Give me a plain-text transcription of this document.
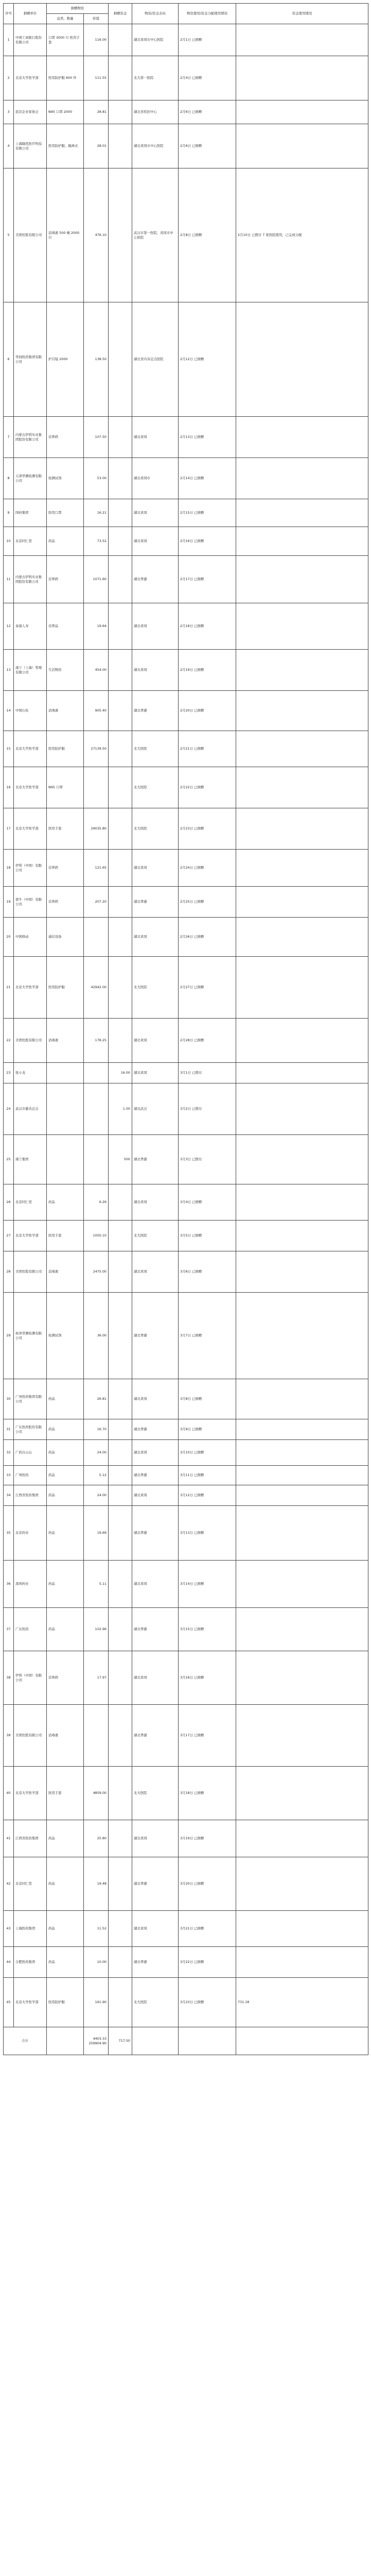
序号	捐赠单位	捐赠物资		捐赠资金	物资/资金去向	物资使用/资金分配使用情况	资金使用情况
		品类、数量	价值				
1	中国工商银行股份有限公司	口罩 3000 只 医用手套	116.00		湖北黄冈市中心医院	2月1日 已捐赠	
2	北京大学医学部	医用防护服 600 件	111.55		北大第一医院	2月4日 已捐赠	
3	民营企业家协会	N95 口罩 2000	28.81		湖北省疾控中心	2月6日 已捐赠	
4	上海隆优医疗科技有限公司	医用防护服、隔离衣	28.01		湖北黄冈市中心医院	2月6日 已捐赠	
5	美团控股有限公司	消毒液 500 桶 2000 只	476.10		武汉市第一医院、黄冈市中心医院	2月8日 已捐赠	2月10日 已拨付 7 家医院使用，已完成分配
6	华润医药集团有限公司	护目镜 2000	138.50		湖北省内各定点医院	2月12日 已捐赠	
7	内蒙古伊利实业集团股份有限公司	营养奶	107.50		湖北黄冈	2月13日 已捐赠	
8	天津华测检测有限公司	检测试剂	53.00		湖北黄冈市	2月14日 已捐赠	
9	国药集团	医用口罩	16.21		湖北黄冈	2月15日 已捐赠	
10	北京同仁堂	药品	73.52		湖北黄冈	2月16日 已捐赠	
11	内蒙古伊利实业集团股份有限公司	营养奶	1071.60		湖北孝感	2月17日 已捐赠	
12	泰康人寿	营养品	19.64		湖北黄冈	2月18日 已捐赠	
13	康宁（上海）管理有限公司	生活物资	454.00		湖北黄冈	2月19日 已捐赠	
14	中国石化	消毒液	905.40		湖北孝感	2月20日 已捐赠	
15	北京大学医学部	医用防护服	27139.50		北大医院	2月21日 已捐赠	
16	北京大学医学部	N95 口罩			北大医院	2月22日 已捐赠	
17	北京大学医学部	医用手套	29035.80		北大医院	2月23日 已捐赠	
18	伊利（中国）有限公司	营养奶	121.65		湖北黄冈	2月24日 已捐赠	
19	蒙牛（中国）有限公司	营养奶	207.20		湖北孝感	2月25日 已捐赠	
20	中国移动	通信设备			湖北黄冈	2月26日 已捐赠	
21	北京大学医学部	医用防护服	42942.00		北大医院	2月27日 已捐赠	
22	美团控股有限公司	消毒液	178.25		湖北黄冈	2月28日 已捐赠	
23	张小龙			16.00	湖北黄冈	3月1日 已拨付	
24	武汉市慈善总会			1.00	湖北武汉	3月2日 已拨付	
25	康宁集团			500	湖北孝感	3月3日 已拨付	
26	北京同仁堂	药品	6.26		湖北黄冈	3月4日 已捐赠	
27	北京大学医学部	医用手套	1050.10		北大医院	3月5日 已捐赠	
28	美团控股有限公司	消毒液	2475.00		湖北黄冈	3月6日 已捐赠	
29	杭州华测检测有限公司	检测试剂	36.00		湖北孝感	3月7日 已捐赠	
30	广州医药集团有限公司	药品	26.81		湖北黄冈	3月8日 已捐赠	
31	广东医药股份有限公司	药品	16.70		湖北孝感	3月9日 已捐赠	
32	广药白云山	药品	24.00		湖北黄冈	3月10日 已捐赠	
33	广州医药	药品	5.12		湖北孝感	3月11日 已捐赠	
34	江西省医药集团	药品	24.00		湖北黄冈	3月12日 已捐赠	
35	北京药业	药品	19.69		湖北孝感	3月13日 已捐赠	
36	深圳药业	药品	5.11		湖北黄冈	3月14日 已捐赠	
37	广东医药	药品	102.96		湖北孝感	3月15日 已捐赠	
38	伊利（中国）有限公司	营养奶	17.97		湖北黄冈	3月16日 已捐赠	
39	美团控股有限公司	消毒液			湖北孝感	3月17日 已捐赠	
40	北京大学医学部	医用手套	4859.00		北大医院	3月18日 已捐赠	
41	江西省医药集团	药品	25.80		湖北黄冈	3月19日 已捐赠	
42	北京同仁堂	药品	19.48		湖北孝感	3月20日 已捐赠	
43	上海医药集团	药品	11.52		湖北黄冈	3月21日 已捐赠	
44	合肥医药集团	药品	10.00		湖北孝感	3月22日 已捐赠	
45	北京大学医学部	医用防护服	161.90		北大医院	3月23日 已捐赠	731.18
合计			4403.33
259904.90	717.50			
